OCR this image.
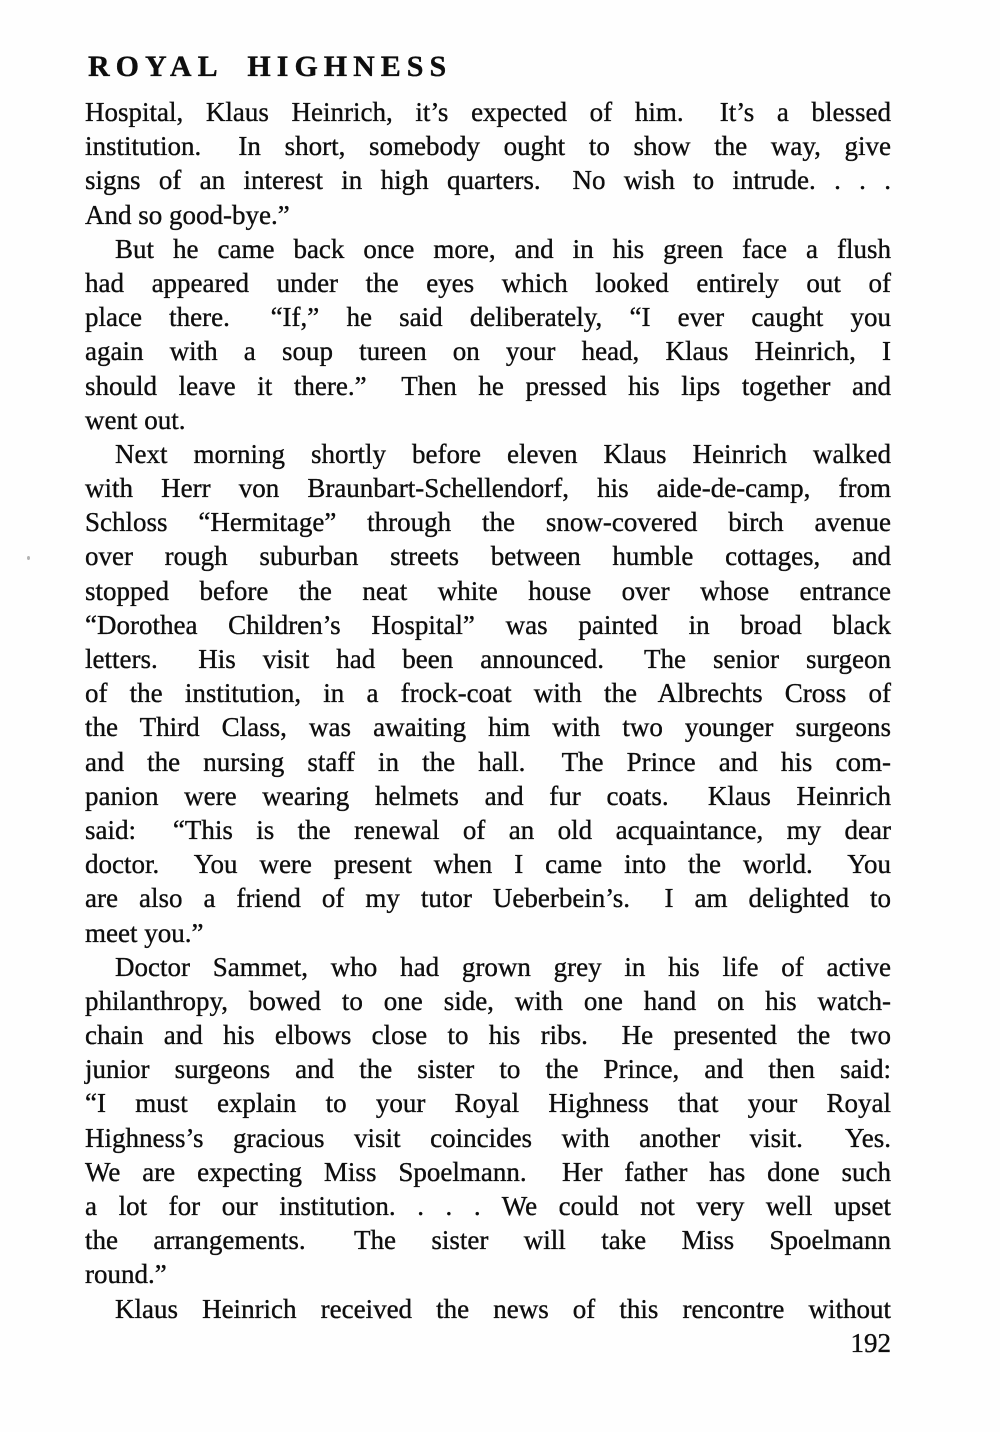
ROYAL HIGHNESS
Hospital, Klaus Heinrich, it’s expected of him.  It’s a blessed
institution.  In short, somebody ought to show the way, give
signs of an interest in high quarters.  No wish to intrude. . . .
And so good-bye.”
But he came back once more, and in his green face a flush
had appeared under the eyes which looked entirely out of
place there.  “If,” he said deliberately, “I ever caught you
again with a soup tureen on your head, Klaus Heinrich, I
should leave it there.”  Then he pressed his lips together and
went out.
Next morning shortly before eleven Klaus Heinrich walked
with Herr von Braunbart-Schellendorf, his aide-de-camp, from
Schloss “Hermitage” through the snow-covered birch avenue
over rough suburban streets between humble cottages, and
stopped before the neat white house over whose entrance
“Dorothea Children’s Hospital” was painted in broad black
letters.  His visit had been announced.  The senior surgeon
of the institution, in a frock-coat with the Albrechts Cross of
the Third Class, was awaiting him with two younger surgeons
and the nursing staff in the hall.  The Prince and his com-
panion were wearing helmets and fur coats.  Klaus Heinrich
said:  “This is the renewal of an old acquaintance, my dear
doctor.  You were present when I came into the world.  You
are also a friend of my tutor Ueberbein’s.  I am delighted to
meet you.”
Doctor Sammet, who had grown grey in his life of active
philanthropy, bowed to one side, with one hand on his watch-
chain and his elbows close to his ribs.  He presented the two
junior surgeons and the sister to the Prince, and then said:
“I must explain to your Royal Highness that your Royal
Highness’s gracious visit coincides with another visit.  Yes.
We are expecting Miss Spoelmann.  Her father has done such
a lot for our institution. . . . We could not very well upset
the arrangements.  The sister will take Miss Spoelmann
round.”
Klaus Heinrich received the news of this rencontre without
192
